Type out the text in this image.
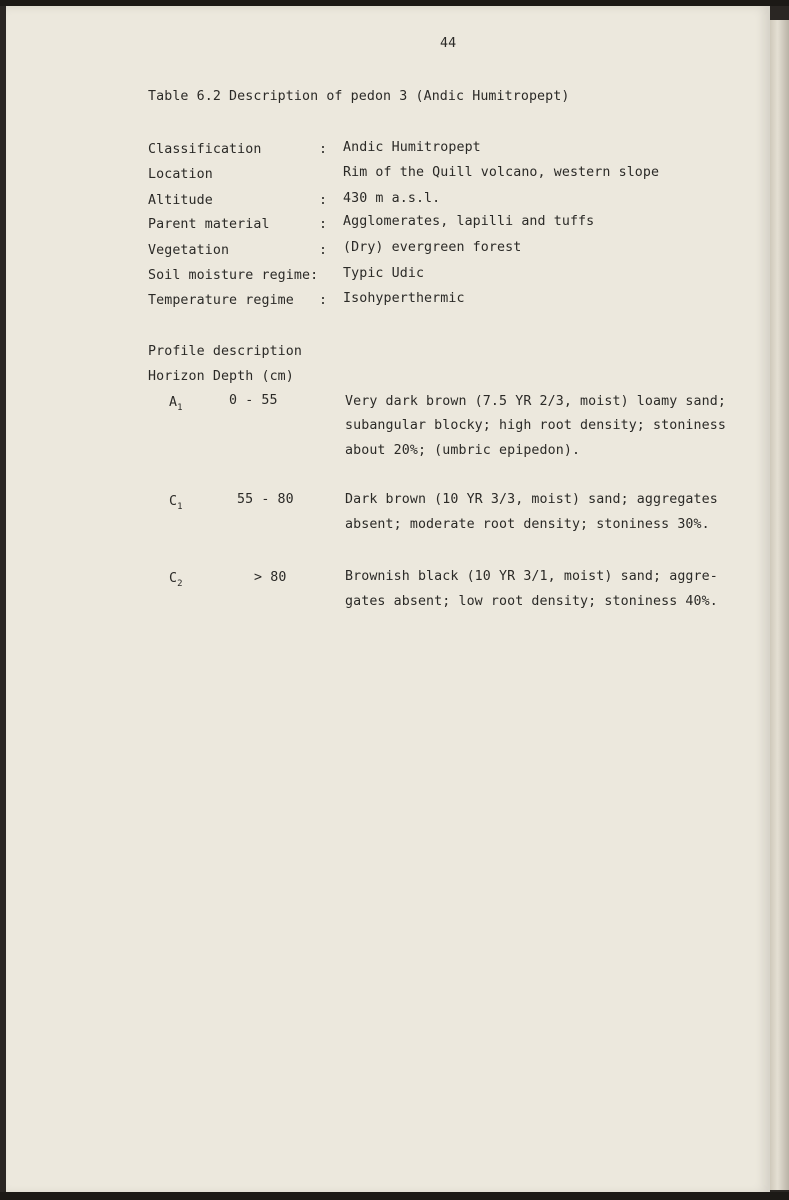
44
Table 6.2 Description of pedon 3 (Andic Humitropept)
Classification	: Andic Humitropept
Location	Rim of the Quill volcano, western slope
Altitude	: 430 m a.s.l.
Parent material	: Agglomerates, lapilli and tuffs
Vegetation	: (Dry) evergreen forest
Soil moisture regime: Typic Udic
Temperature regime : Isohyperthermic
Profile description
Horizon Depth (cm)
$A_1$	0 - 55	Very dark brown (7.5 YR 2/3, moist) loamy sand;
subangular blocky; high root density; stoniness
about 20%; (umbric epipedon).
$C_1$	55 - 80	Dark brown (10 YR 3/3, moist) sand; aggregates
absent; moderate root density; stoniness 30%.
$C_2$	> 80	Brownish black (10 YR 3/1, moist) sand; aggre-
gates absent; low root density; stoniness 40%.
